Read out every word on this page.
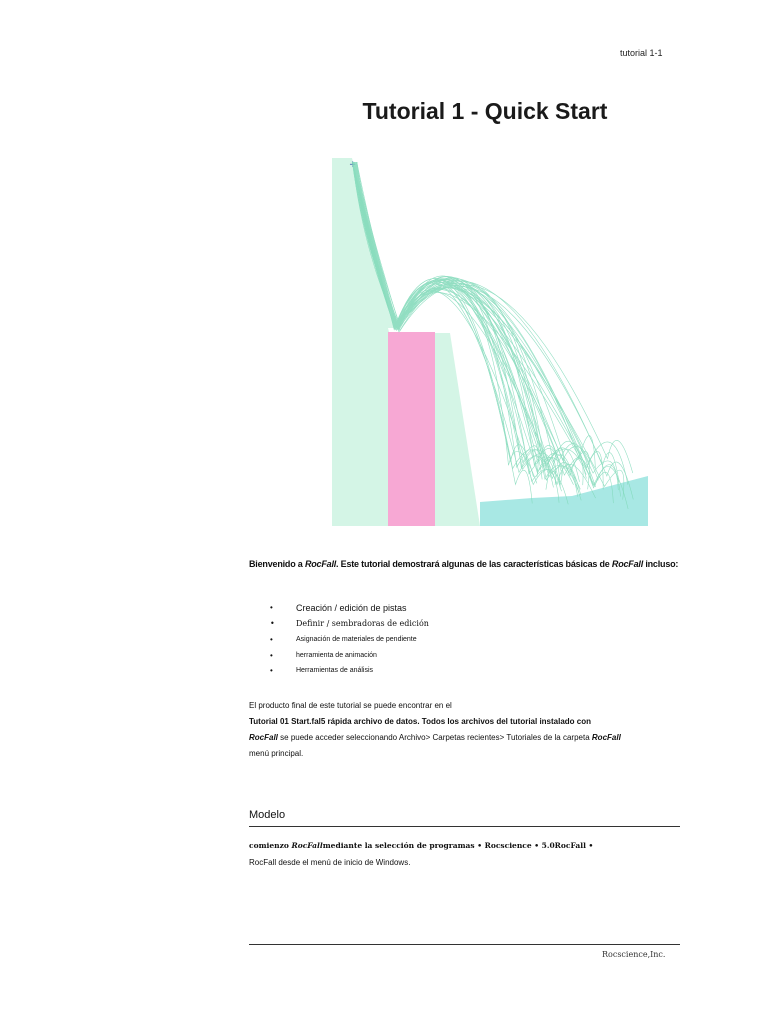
tutorial 1-1
Tutorial 1 - Quick Start
+
Bienvenido a RocFall. Este tutorial demostrará algunas de las características básicas de RocFall incluso:
• Creación / edición de pistas
• Definir / sembradoras de edición
• Asignación de materiales de pendiente
• herramienta de animación
• Herramientas de análisis
El producto final de este tutorial se puede encontrar en el
Tutorial 01 Start.fal5 rápida archivo de datos. Todos los archivos del tutorial instalado con
RocFall se puede acceder seleccionando Archivo> Carpetas recientes> Tutoriales de la carpeta RocFall
menú principal.
Modelo
comienzo RocFallmediante la selección de programas • Rocscience • 5.0RocFall •
RocFall desde el menú de inicio de Windows.
Rocscience,Inc.
